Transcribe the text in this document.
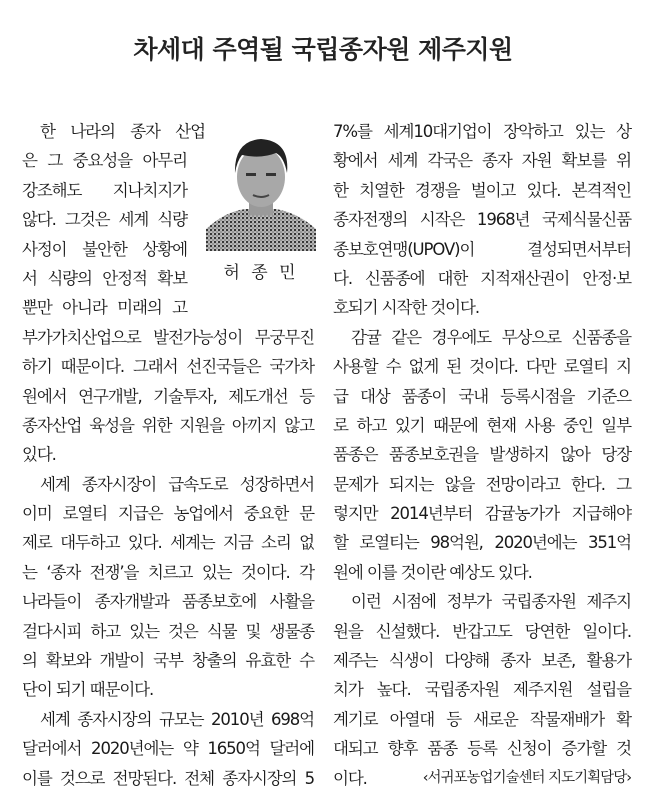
차세대 주역될 국립종자원 제주지원
허 종 민
한 나라의 종자 산업
은 그 중요성을 아무리
강조해도 지나치지가
않다. 그것은 세계 식량
사정이 불안한 상황에
서 식량의 안정적 확보
뿐만 아니라 미래의 고
부가가치산업으로 발전가능성이 무궁무진
하기 때문이다. 그래서 선진국들은 국가차
원에서 연구개발, 기술투자, 제도개선 등
종자산업 육성을 위한 지원을 아끼지 않고
있다.
세계 종자시장이 급속도로 성장하면서
이미 로열티 지급은 농업에서 중요한 문
제로 대두하고 있다. 세계는 지금 소리 없
는 ‘종자 전쟁’을 치르고 있는 것이다. 각
나라들이 종자개발과 품종보호에 사활을
걸다시피 하고 있는 것은 식물 및 생물종
의 확보와 개발이 국부 창출의 유효한 수
단이 되기 때문이다.
세계 종자시장의 규모는 2010년 698억
달러에서 2020년에는 약 1650억 달러에
이를 것으로 전망된다. 전체 종자시장의 5
7%를 세계10대기업이 장악하고 있는 상
황에서 세계 각국은 종자 자원 확보를 위
한 치열한 경쟁을 벌이고 있다. 본격적인
종자전쟁의 시작은 1968년 국제식물신품
종보호연맹(UPOV)이 결성되면서부터
다. 신품종에 대한 지적재산권이 안정·보
호되기 시작한 것이다.
감귤 같은 경우에도 무상으로 신품종을
사용할 수 없게 된 것이다. 다만 로열티 지
급 대상 품종이 국내 등록시점을 기준으
로 하고 있기 때문에 현재 사용 중인 일부
품종은 품종보호권을 발생하지 않아 당장
문제가 되지는 않을 전망이라고 한다. 그
렇지만 2014년부터 감귤농가가 지급해야
할 로열티는 98억원, 2020년에는 351억
원에 이를 것이란 예상도 있다.
이런 시점에 정부가 국립종자원 제주지
원을 신설했다. 반갑고도 당연한 일이다.
제주는 식생이 다양해 종자 보존, 활용가
치가 높다. 국립종자원 제주지원 설립을
계기로 아열대 등 새로운 작물재배가 확
대되고 향후 품종 등록 신청이 증가할 것
이다.	‹서귀포농업기술센터 지도기획담당›
